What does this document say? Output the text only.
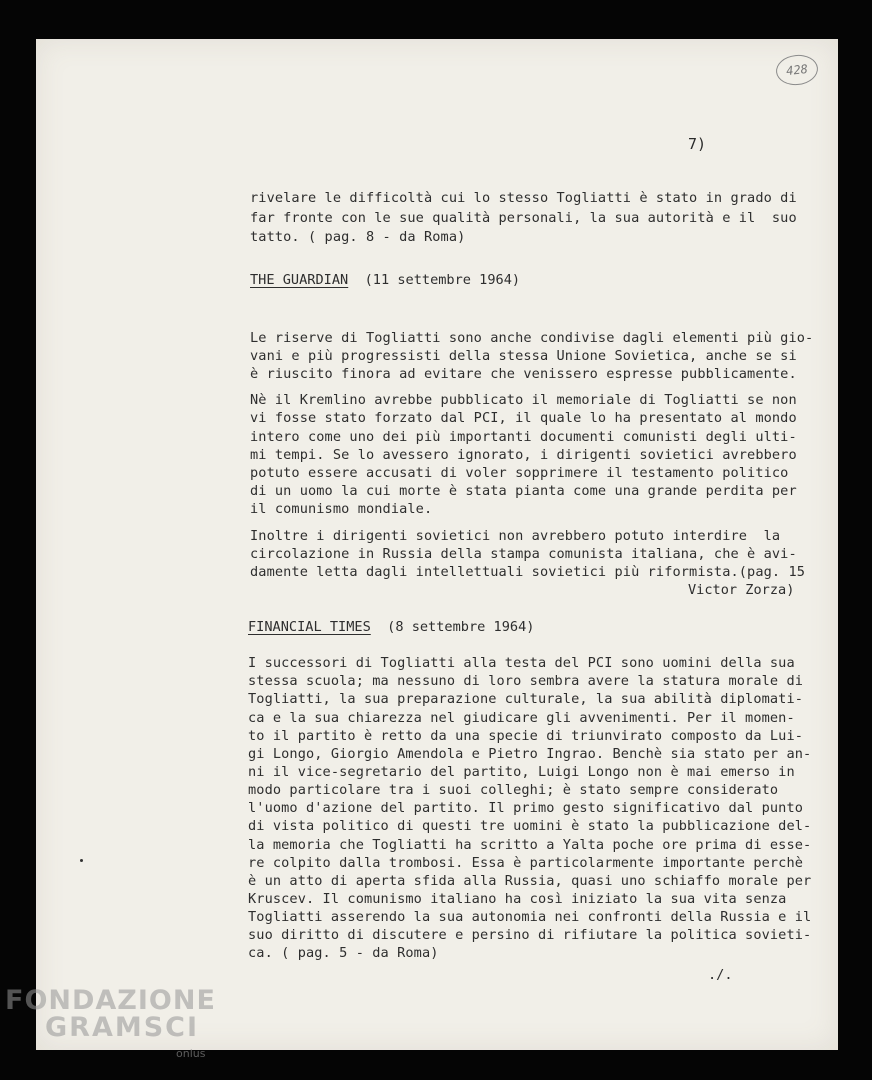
428
7)
rivelare le difficoltà cui lo stesso Togliatti è stato in grado di
far fronte con le sue qualità personali, la sua autorità e il  suo
tatto. ( pag. 8 - da Roma)
THE GUARDIAN (11 settembre 1964)
Le riserve di Togliatti sono anche condivise dagli elementi più gio-
vani e più progressisti della stessa Unione Sovietica, anche se si
è riuscito finora ad evitare che venissero espresse pubblicamente.
Nè il Kremlino avrebbe pubblicato il memoriale di Togliatti se non
vi fosse stato forzato dal PCI, il quale lo ha presentato al mondo
intero come uno dei più importanti documenti comunisti degli ulti-
mi tempi. Se lo avessero ignorato, i dirigenti sovietici avrebbero
potuto essere accusati di voler sopprimere il testamento politico
di un uomo la cui morte è stata pianta come una grande perdita per
il comunismo mondiale.
Inoltre i dirigenti sovietici non avrebbero potuto interdire  la
circolazione in Russia della stampa comunista italiana, che è avi-
damente letta dagli intellettuali sovietici più riformista.(pag. 15
Victor Zorza)
FINANCIAL TIMES (8 settembre 1964)
I successori di Togliatti alla testa del PCI sono uomini della sua
stessa scuola; ma nessuno di loro sembra avere la statura morale di
Togliatti, la sua preparazione culturale, la sua abilità diplomati-
ca e la sua chiarezza nel giudicare gli avvenimenti. Per il momen-
to il partito è retto da una specie di triunvirato composto da Lui-
gi Longo, Giorgio Amendola e Pietro Ingrao. Benchè sia stato per an-
ni il vice-segretario del partito, Luigi Longo non è mai emerso in
modo particolare tra i suoi colleghi; è stato sempre considerato
l'uomo d'azione del partito. Il primo gesto significativo dal punto
di vista politico di questi tre uomini è stato la pubblicazione del-
la memoria che Togliatti ha scritto a Yalta poche ore prima di esse-
re colpito dalla trombosi. Essa è particolarmente importante perchè
è un atto di aperta sfida alla Russia, quasi uno schiaffo morale per
Kruscev. Il comunismo italiano ha così iniziato la sua vita senza
Togliatti asserendo la sua autonomia nei confronti della Russia e il
suo diritto di discutere e persino di rifiutare la politica sovieti-
ca. ( pag. 5 - da Roma)
./.
FONDAZIONE
GRAMSCI
onlus
